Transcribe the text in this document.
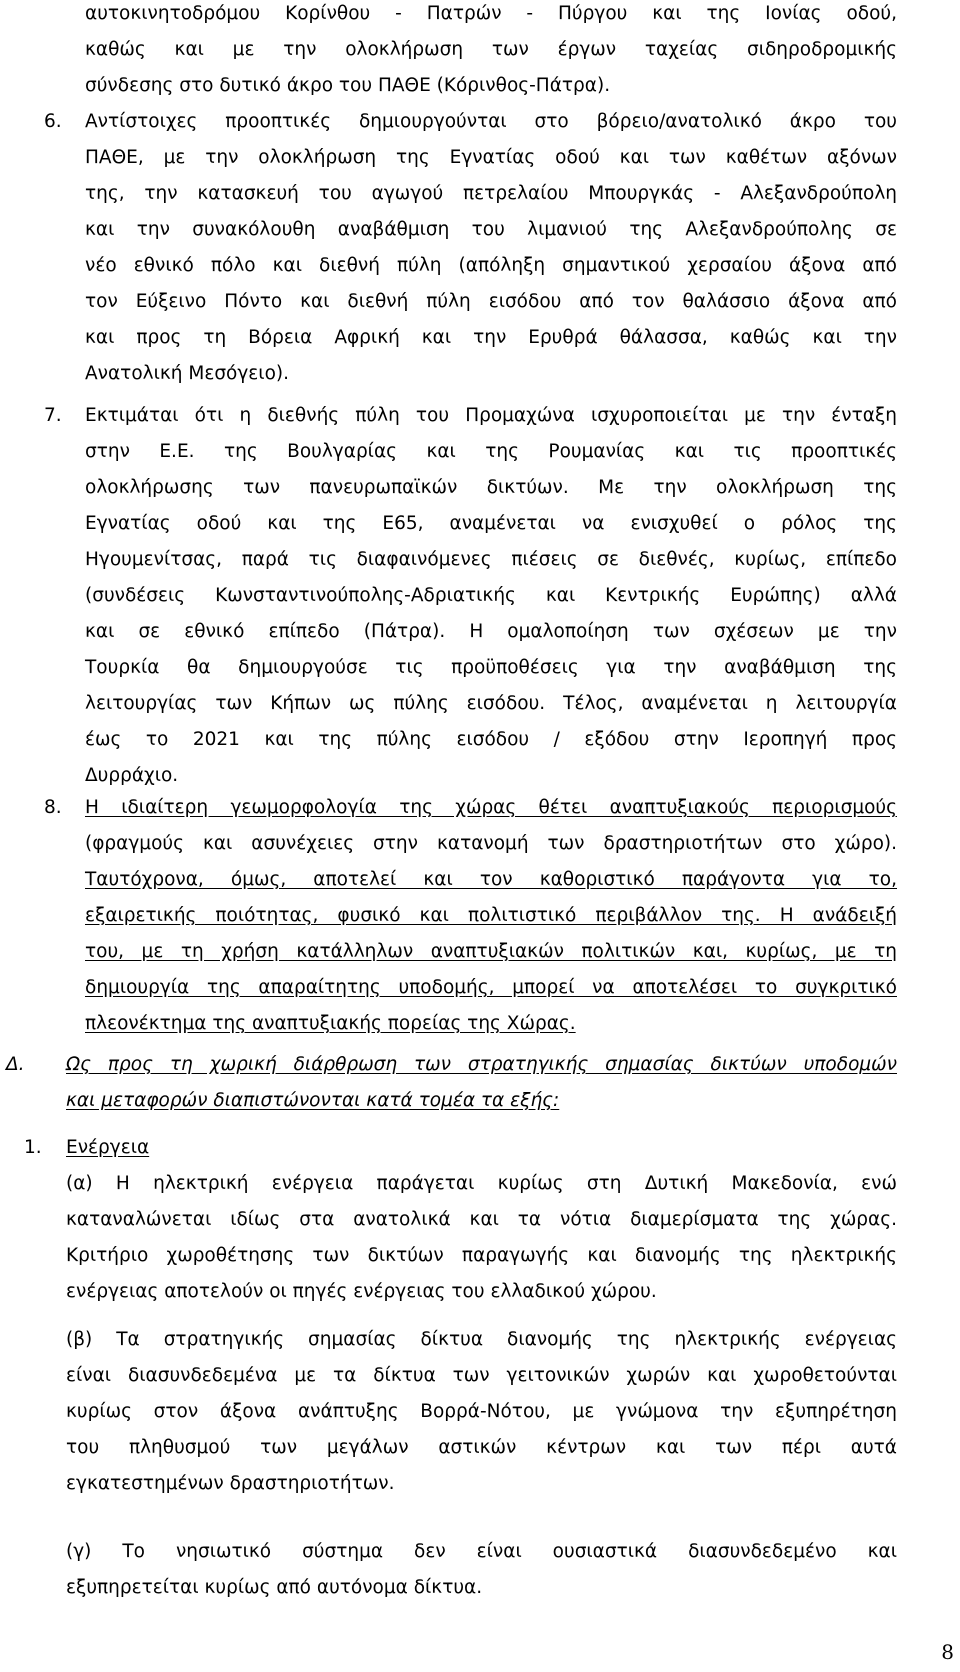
αυτοκινητοδρόμου Κορίνθου - Πατρών - Πύργου και της Ιονίας οδού,
καθώς και με την ολοκλήρωση των έργων ταχείας σιδηροδρομικής
σύνδεσης στο δυτικό άκρο του ΠΑΘΕ (Κόρινθος-Πάτρα).
6. Αντίστοιχες προοπτικές δημιουργούνται στο βόρειο/ανατολικό άκρο του
ΠΑΘΕ, με την ολοκλήρωση της Εγνατίας οδού και των καθέτων αξόνων
της, την κατασκευή του αγωγού πετρελαίου Μπουργκάς - Αλεξανδρούπολη
και την συνακόλουθη αναβάθμιση του λιμανιού της Αλεξανδρούπολης σε
νέο εθνικό πόλο και διεθνή πύλη (απόληξη σημαντικού χερσαίου άξονα από
τον Εύξεινο Πόντο και διεθνή πύλη εισόδου από τον θαλάσσιο άξονα από
και προς τη Βόρεια Αφρική και την Ερυθρά θάλασσα, καθώς και την
Ανατολική Μεσόγειο).
7. Εκτιμάται ότι η διεθνής πύλη του Προμαχώνα ισχυροποιείται με την ένταξη
στην Ε.Ε. της Βουλγαρίας και της Ρουμανίας και τις προοπτικές
ολοκλήρωσης των πανευρωπαϊκών δικτύων. Με την ολοκλήρωση της
Εγνατίας οδού και της Ε65, αναμένεται να ενισχυθεί ο ρόλος της
Ηγουμενίτσας, παρά τις διαφαινόμενες πιέσεις σε διεθνές, κυρίως, επίπεδο
(συνδέσεις Κωνσταντινούπολης-Αδριατικής και Κεντρικής Ευρώπης) αλλά
και σε εθνικό επίπεδο (Πάτρα). Η ομαλοποίηση των σχέσεων με την
Τουρκία θα δημιουργούσε τις προϋποθέσεις για την αναβάθμιση της
λειτουργίας των Κήπων ως πύλης εισόδου. Τέλος, αναμένεται η λειτουργία
έως το 2021 και της πύλης εισόδου / εξόδου στην Ιεροπηγή προς
Δυρράχιο.
8. Η ιδιαίτερη γεωμορφολογία της χώρας θέτει αναπτυξιακούς περιορισμούς
(φραγμούς και ασυνέχειες στην κατανομή των δραστηριοτήτων στο χώρο).
Ταυτόχρονα, όμως, αποτελεί και τον καθοριστικό παράγοντα για το,
εξαιρετικής ποιότητας, φυσικό και πολιτιστικό περιβάλλον της. Η ανάδειξή
του, με τη χρήση κατάλληλων αναπτυξιακών πολιτικών και, κυρίως, με τη
δημιουργία της απαραίτητης υποδομής, μπορεί να αποτελέσει το συγκριτικό
πλεονέκτημα της αναπτυξιακής πορείας της Χώρας.
Δ. Ως προς τη χωρική διάρθρωση των στρατηγικής σημασίας δικτύων υποδομών
και μεταφορών διαπιστώνονται κατά τομέα τα εξής:
1. Ενέργεια
(α) Η ηλεκτρική ενέργεια παράγεται κυρίως στη Δυτική Μακεδονία, ενώ
καταναλώνεται ιδίως στα ανατολικά και τα νότια διαμερίσματα της χώρας.
Κριτήριο χωροθέτησης των δικτύων παραγωγής και διανομής της ηλεκτρικής
ενέργειας αποτελούν οι πηγές ενέργειας του ελλαδικού χώρου.
(β) Τα στρατηγικής σημασίας δίκτυα διανομής της ηλεκτρικής ενέργειας
είναι διασυνδεδεμένα με τα δίκτυα των γειτονικών χωρών και χωροθετούνται
κυρίως στον άξονα ανάπτυξης Βορρά-Νότου, με γνώμονα την εξυπηρέτηση
του πληθυσμού των μεγάλων αστικών κέντρων και των πέρι αυτά
εγκατεστημένων δραστηριοτήτων.
(γ) Το νησιωτικό σύστημα δεν είναι ουσιαστικά διασυνδεδεμένο και
εξυπηρετείται κυρίως από αυτόνομα δίκτυα.
8
